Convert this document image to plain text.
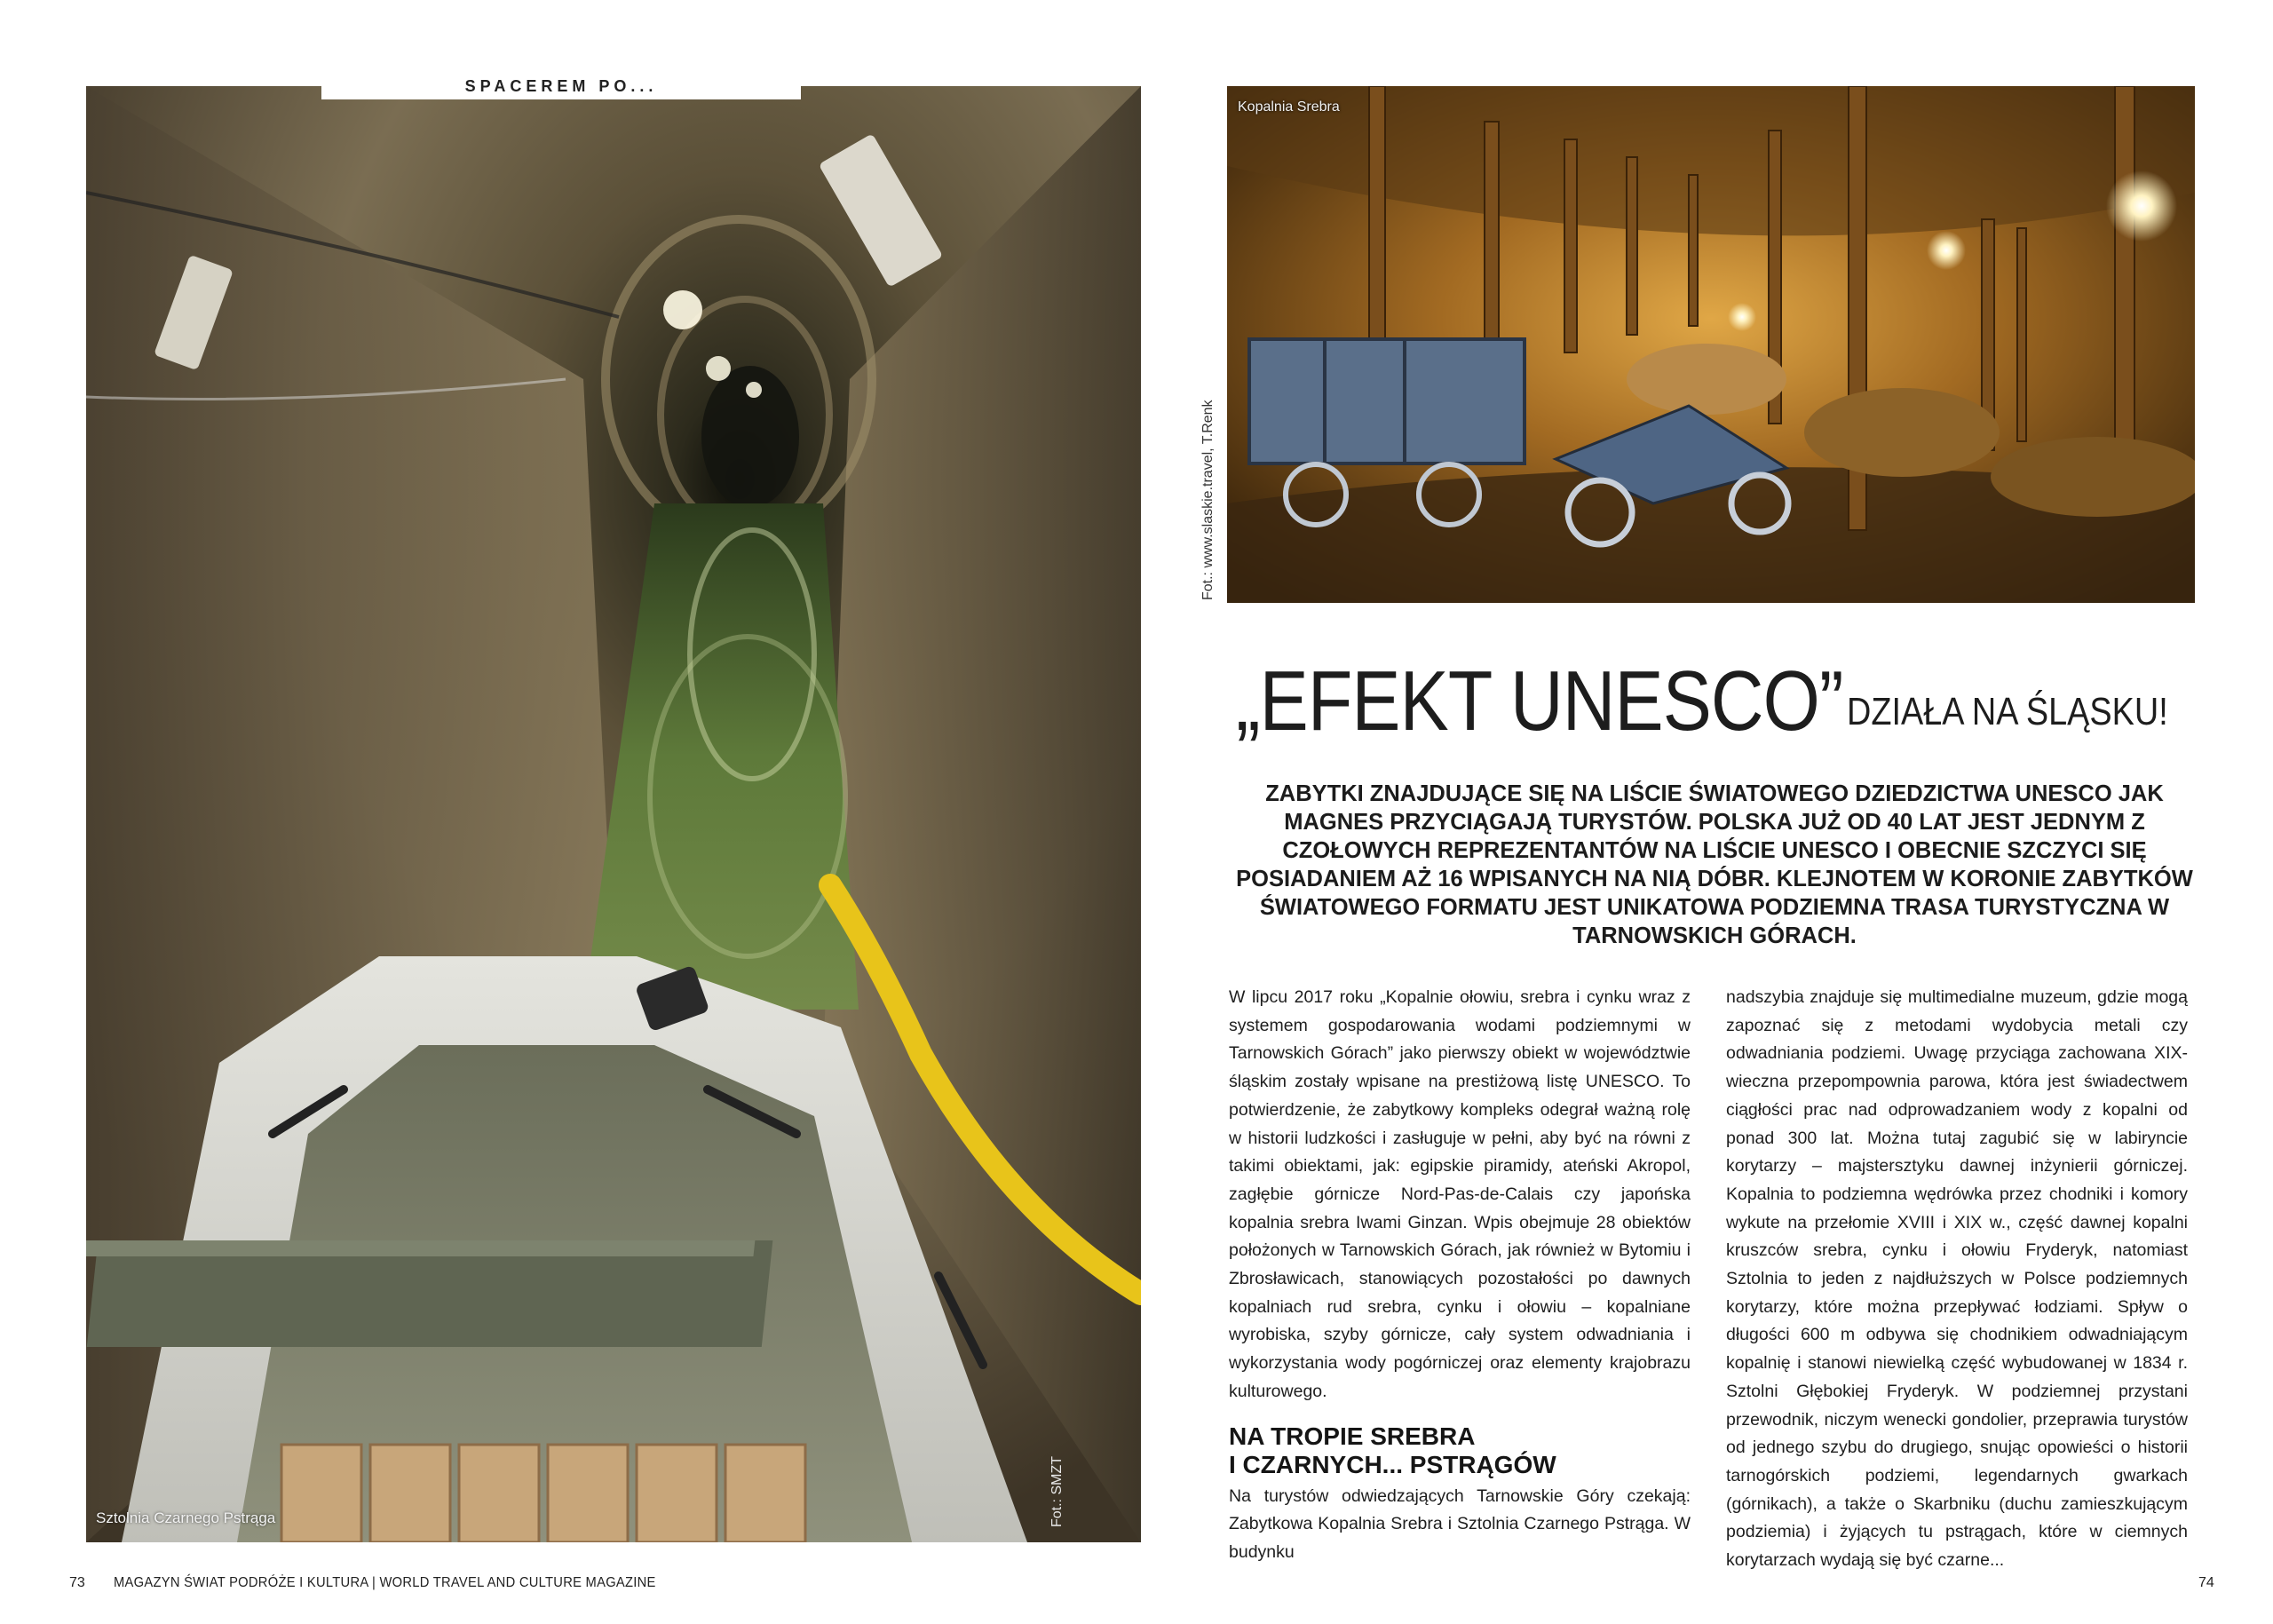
SPACEREM PO...
Sztolnia Czarnego Pstrąga	Fot.: SMZT
Kopalnia Srebra
Fot.: www.slaskie.travel, T.Renk
„EFEKT UNESCO” DZIAŁA NA ŚLĄSKU!
ZABYTKI ZNAJDUJĄCE SIĘ NA LIŚCIE ŚWIATOWEGO DZIEDZICTWA UNESCO JAK MAGNES PRZYCIĄGAJĄ TURYSTÓW. POLSKA JUŻ OD 40 LAT JEST JEDNYM Z CZOŁOWYCH REPREZENTANTÓW NA LIŚCIE UNESCO I OBECNIE SZCZYCI SIĘ POSIADANIEM AŻ 16 WPISANYCH NA NIĄ DÓBR. KLEJNOTEM W KORONIE ZABYTKÓW ŚWIATOWEGO FORMATU JEST UNIKATOWA PODZIEMNA TRASA TURYSTYCZNA W TARNOWSKICH GÓRACH.

W lipcu 2017 roku „Kopalnie ołowiu, srebra i cynku wraz z systemem gospodarowania wodami podziemnymi w Tarnowskich Górach” jako pierwszy obiekt w województwie śląskim zostały wpisane na prestiżową listę UNESCO. To potwierdzenie, że zabytkowy kompleks odegrał ważną rolę w historii ludzkości i zasługuje w pełni, aby być na równi z takimi obiektami, jak: egipskie piramidy, ateński Akropol, zagłębie górnicze Nord-Pas-de-Calais czy japońska kopalnia srebra Iwami Ginzan. Wpis obejmuje 28 obiektów położonych w Tarnowskich Górach, jak również w Bytomiu i Zbrosławicach, stanowiących pozostałości po dawnych kopalniach rud srebra, cynku i ołowiu – kopalniane wyrobiska, szyby górnicze, cały system odwadniania i wykorzystania wody pogórniczej oraz elementy krajobrazu kulturowego.

NA TROPIE SREBRA
I CZARNYCH... PSTRĄGÓW

Na turystów odwiedzających Tarnowskie Góry czekają: Zabytkowa Kopalnia Srebra i Sztolnia Czarnego Pstrąga. W budynku

nadszybia znajduje się multimedialne muzeum, gdzie mogą zapoznać się z metodami wydobycia metali czy odwadniania podziemi. Uwagę przyciąga zachowana XIX-wieczna przepompownia parowa, która jest świadectwem ciągłości prac nad odprowadzaniem wody z kopalni od ponad 300 lat. Można tutaj zagubić się w labiryncie korytarzy – majstersztyku dawnej inżynierii górniczej. Kopalnia to podziemna wędrówka przez chodniki i komory wykute na przełomie XVIII i XIX w., część dawnej kopalni kruszców srebra, cynku i ołowiu Fryderyk, natomiast Sztolnia to jeden z najdłuższych w Polsce podziemnych korytarzy, które można przepływać łodziami. Spływ o długości 600 m odbywa się chodnikiem odwadniającym kopalnię i stanowi niewielką część wybudowanej w 1834 r. Sztolni Głębokiej Fryderyk. W podziemnej przystani przewodnik, niczym wenecki gondolier, przeprawia turystów od jednego szybu do drugiego, snując opowieści o historii tarnogórskich podziemi, legendarnych gwarkach (górnikach), a także o Skarbniku (duchu zamieszkującym podziemia) i żyjących tu pstrągach, które w ciemnych korytarzach wydają się być czarne...

73 MAGAZYN ŚWIAT PODRÓŻE I KULTURA | WORLD TRAVEL AND CULTURE MAGAZINE	74
